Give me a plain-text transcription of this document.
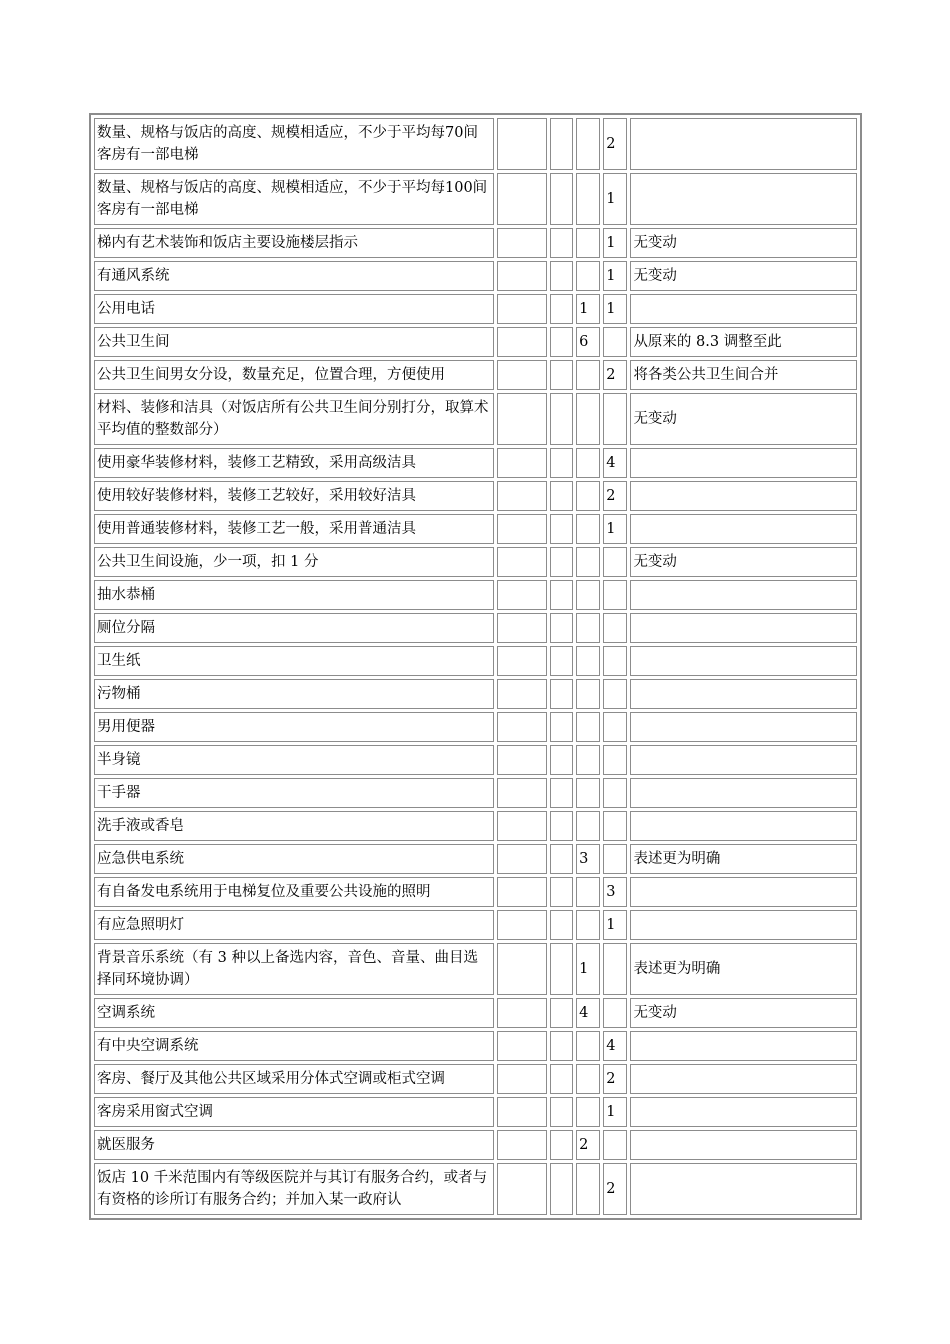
数量、规格与饭店的高度、规模相适应，不少于平均每70间客房有一部电梯				2	
数量、规格与饭店的高度、规模相适应，不少于平均每100间客房有一部电梯				1	
梯内有艺术装饰和饭店主要设施楼层指示				1	无变动
有通风系统				1	无变动
公用电话			1	1	
公共卫生间			6		从原来的 8.3 调整至此
公共卫生间男女分设，数量充足，位置合理，方便使用				2	将各类公共卫生间合并
材料、装修和洁具（对饭店所有公共卫生间分别打分，取算术平均值的整数部分）					无变动
使用豪华装修材料，装修工艺精致，采用高级洁具				4	
使用较好装修材料，装修工艺较好，采用较好洁具				2	
使用普通装修材料，装修工艺一般，采用普通洁具				1	
公共卫生间设施，少一项，扣 1 分					无变动
抽水恭桶					
厕位分隔					
卫生纸					
污物桶					
男用便器					
半身镜					
干手器					
洗手液或香皂					
应急供电系统			3		表述更为明确
有自备发电系统用于电梯复位及重要公共设施的照明				3	
有应急照明灯				1	
背景音乐系统（有 3 种以上备选内容，音色、音量、曲目选择同环境协调）			1		表述更为明确
空调系统			4		无变动
有中央空调系统				4	
客房、餐厅及其他公共区域采用分体式空调或柜式空调				2	
客房采用窗式空调				1	
就医服务			2		
饭店 10 千米范围内有等级医院并与其订有服务合约，或者与有资格的诊所订有服务合约；并加入某一政府认				2	
